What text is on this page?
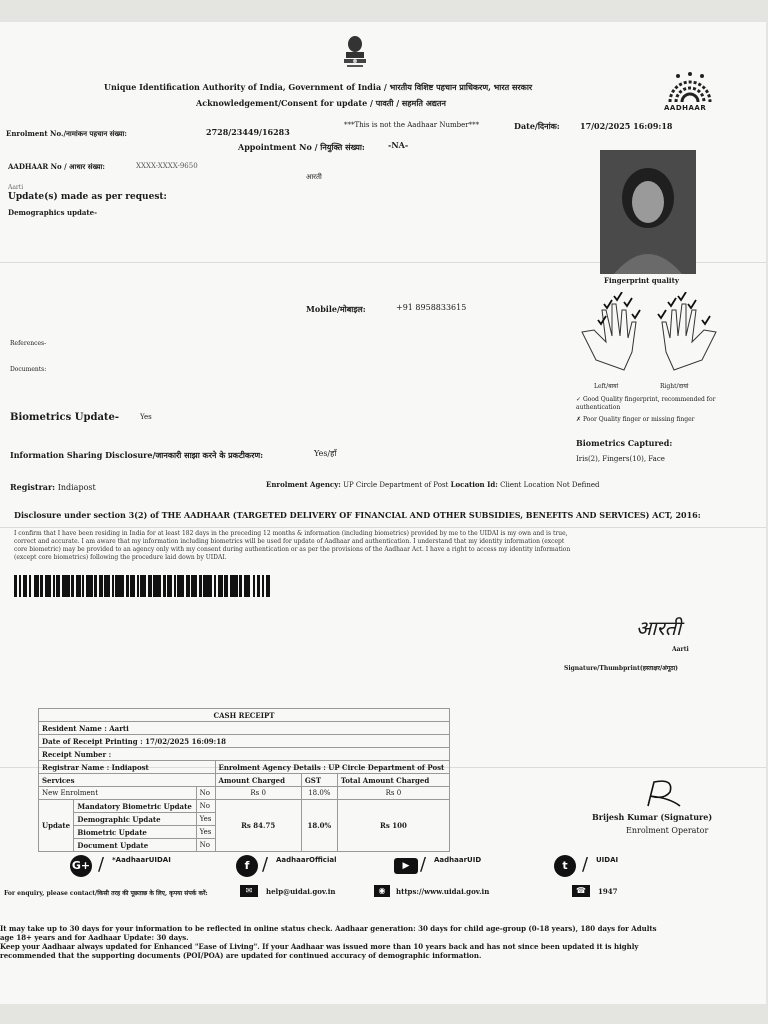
Unique Identification Authority of India, Government of India / भारतीय विशिष्ट पहचान प्राधिकरण, भारत सरकार
Acknowledgement/Consent for update / पावती / सहमति अद्यतन	AADHAAR
Enrolment No./नामांकन पहचान संख्या:	2728/23449/16283
***This is not the Aadhaar Number***	Date/दिनांक:	17/02/2025 16:09:18
Appointment No / नियुक्ति संख्या:	-NA-
AADHAAR No / आधार संख्या:	XXXX-XXXX-9650
Aarti
आरती
Update(s) made as per request:
Demographics update-
Fingerprint quality
Left/बायां	Right/दायां
✓ Good Quality fingerprint, recommended for authentication
✗ Poor Quality finger or missing finger
Biometrics Captured:
Iris(2), Fingers(10), Face
Mobile/मोबाइल:	+91 8958833615
References-
Documents:
Biometrics Update-	Yes
Information Sharing Disclosure/जानकारी साझा करने के प्रकटीकरण:	Yes/हाँ
Registrar: Indiapost	Enrolment Agency: UP Circle Department of Post Location Id: Client Location Not Defined
Disclosure under section 3(2) of THE AADHAAR (TARGETED DELIVERY OF FINANCIAL AND OTHER SUBSIDIES, BENEFITS AND SERVICES) ACT, 2016:
I confirm that I have been residing in India for at least 182 days in the preceding 12 months & information (including biometrics) provided by me to the UIDAI is my own and is true,
correct and accurate. I am aware that my information including biometrics will be used for update of Aadhaar and authentication. I understand that my identity information (except
core biometric) may be provided to an agency only with my consent during authentication or as per the provisions of the Aadhaar Act. I have a right to access my identity information
(except core biometrics) following the procedure laid down by UIDAI.
आरती
Aarti
Signature/Thumbprint(हस्ताक्षर/अंगूठा)
CASH RECEIPT					
Resident Name : Aarti					
Date of Receipt Printing : 17/02/2025 16:09:18					
Receipt Number :					
Registrar Name : Indiapost			Enrolment Agency Details : UP Circle Department of Post		
Services			Amount Charged	GST	Total Amount Charged
New Enrolment		No	Rs 0	18.0%	Rs 0
Update	Mandatory Biometric Update	No	Rs 84.75	18.0%	Rs 100
	Demographic Update	Yes			
	Biometric Update	Yes			
	Document Update	No			
Brijesh Kumar (Signature)
Enrolment Operator
G+ / *AadhaarUIDAI	f / AadhaarOfficial
▶ / AadhaarUID	t / UIDAI
For enquiry, please contact/किसी तरह की पूछताछ के लिए, कृपया संपर्क करें:	✉	help@uidai.gov.in	◉	https://www.uidai.gov.in	☎	1947
It may take up to 30 days for your information to be reflected in online status check. Aadhaar generation: 30 days for child age-group (0-18 years), 180 days for Adults
age 18+ years and for Aadhaar Update: 30 days.
Keep your Aadhaar always updated for Enhanced "Ease of Living". If your Aadhaar was issued more than 10 years back and has not since been updated it is highly
recommended that the supporting documents (POI/POA) are updated for continued accuracy of demographic information.
